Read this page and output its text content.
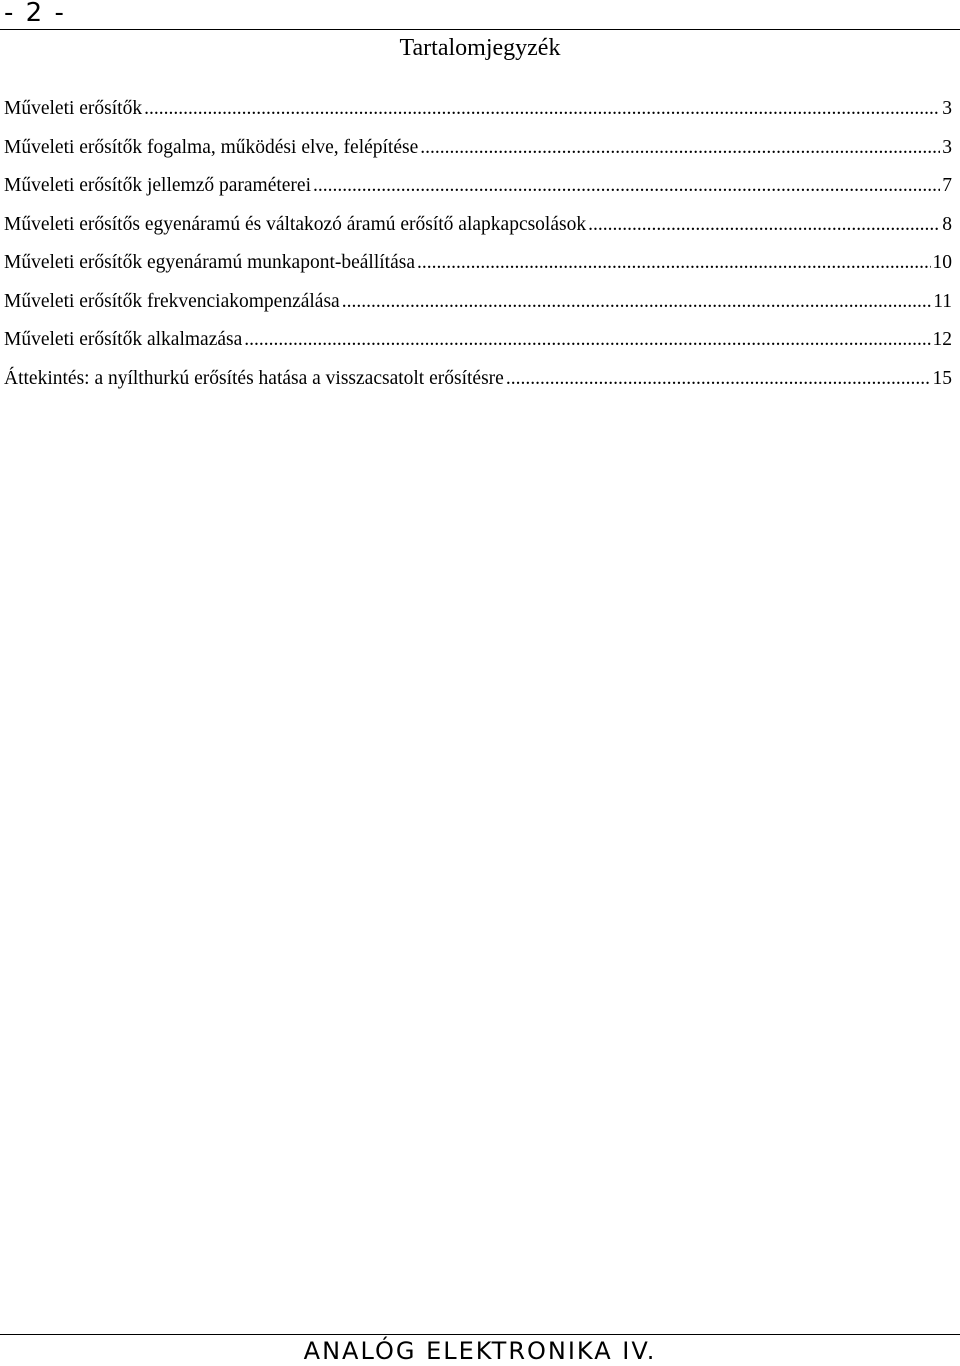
- 2 -
Tartalomjegyzék
Műveleti erősítők .....	3
Műveleti erősítők fogalma, működési elve, felépítése .....	3
Műveleti erősítők jellemző paraméterei .....	7
Műveleti erősítős egyenáramú és váltakozó áramú erősítő alapkapcsolások .....	8
Műveleti erősítők egyenáramú munkapont-beállítása .....	10
Műveleti erősítők frekvenciakompenzálása .....	11
Műveleti erősítők alkalmazása .....	12
Áttekintés: a nyílthurkú erősítés hatása a visszacsatolt erősítésre .....	15
ANALÓG ELEKTRONIKA IV.
